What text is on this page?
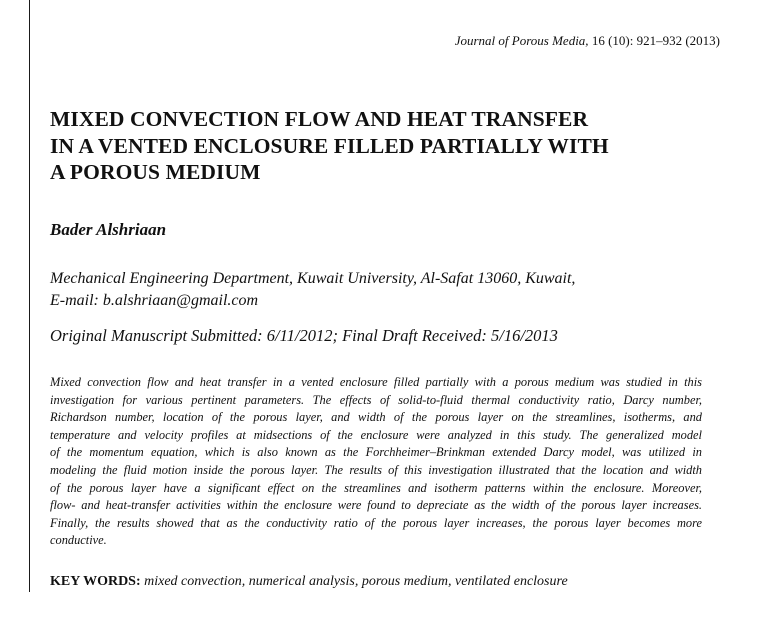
Journal of Porous Media, 16 (10): 921–932 (2013)
MIXED CONVECTION FLOW AND HEAT TRANSFER
IN A VENTED ENCLOSURE FILLED PARTIALLY WITH
A POROUS MEDIUM
Bader Alshriaan
Mechanical Engineering Department, Kuwait University, Al-Safat 13060, Kuwait,
E-mail: b.alshriaan@gmail.com
Original Manuscript Submitted: 6/11/2012; Final Draft Received: 5/16/2013

Mixed convection flow and heat transfer in a vented enclosure filled partially with a porous medium was studied in this
investigation for various pertinent parameters. The effects of solid-to-fluid thermal conductivity ratio, Darcy number,
Richardson number, location of the porous layer, and width of the porous layer on the streamlines, isotherms, and
temperature and velocity profiles at midsections of the enclosure were analyzed in this study. The generalized model
of the momentum equation, which is also known as the Forchheimer–Brinkman extended Darcy model, was utilized in
modeling the fluid motion inside the porous layer. The results of this investigation illustrated that the location and width
of the porous layer have a significant effect on the streamlines and isotherm patterns within the enclosure. Moreover,
flow- and heat-transfer activities within the enclosure were found to depreciate as the width of the porous layer increases.
Finally, the results showed that as the conductivity ratio of the porous layer increases, the porous layer becomes more
conductive.

KEY WORDS: mixed convection, numerical analysis, porous medium, ventilated enclosure
